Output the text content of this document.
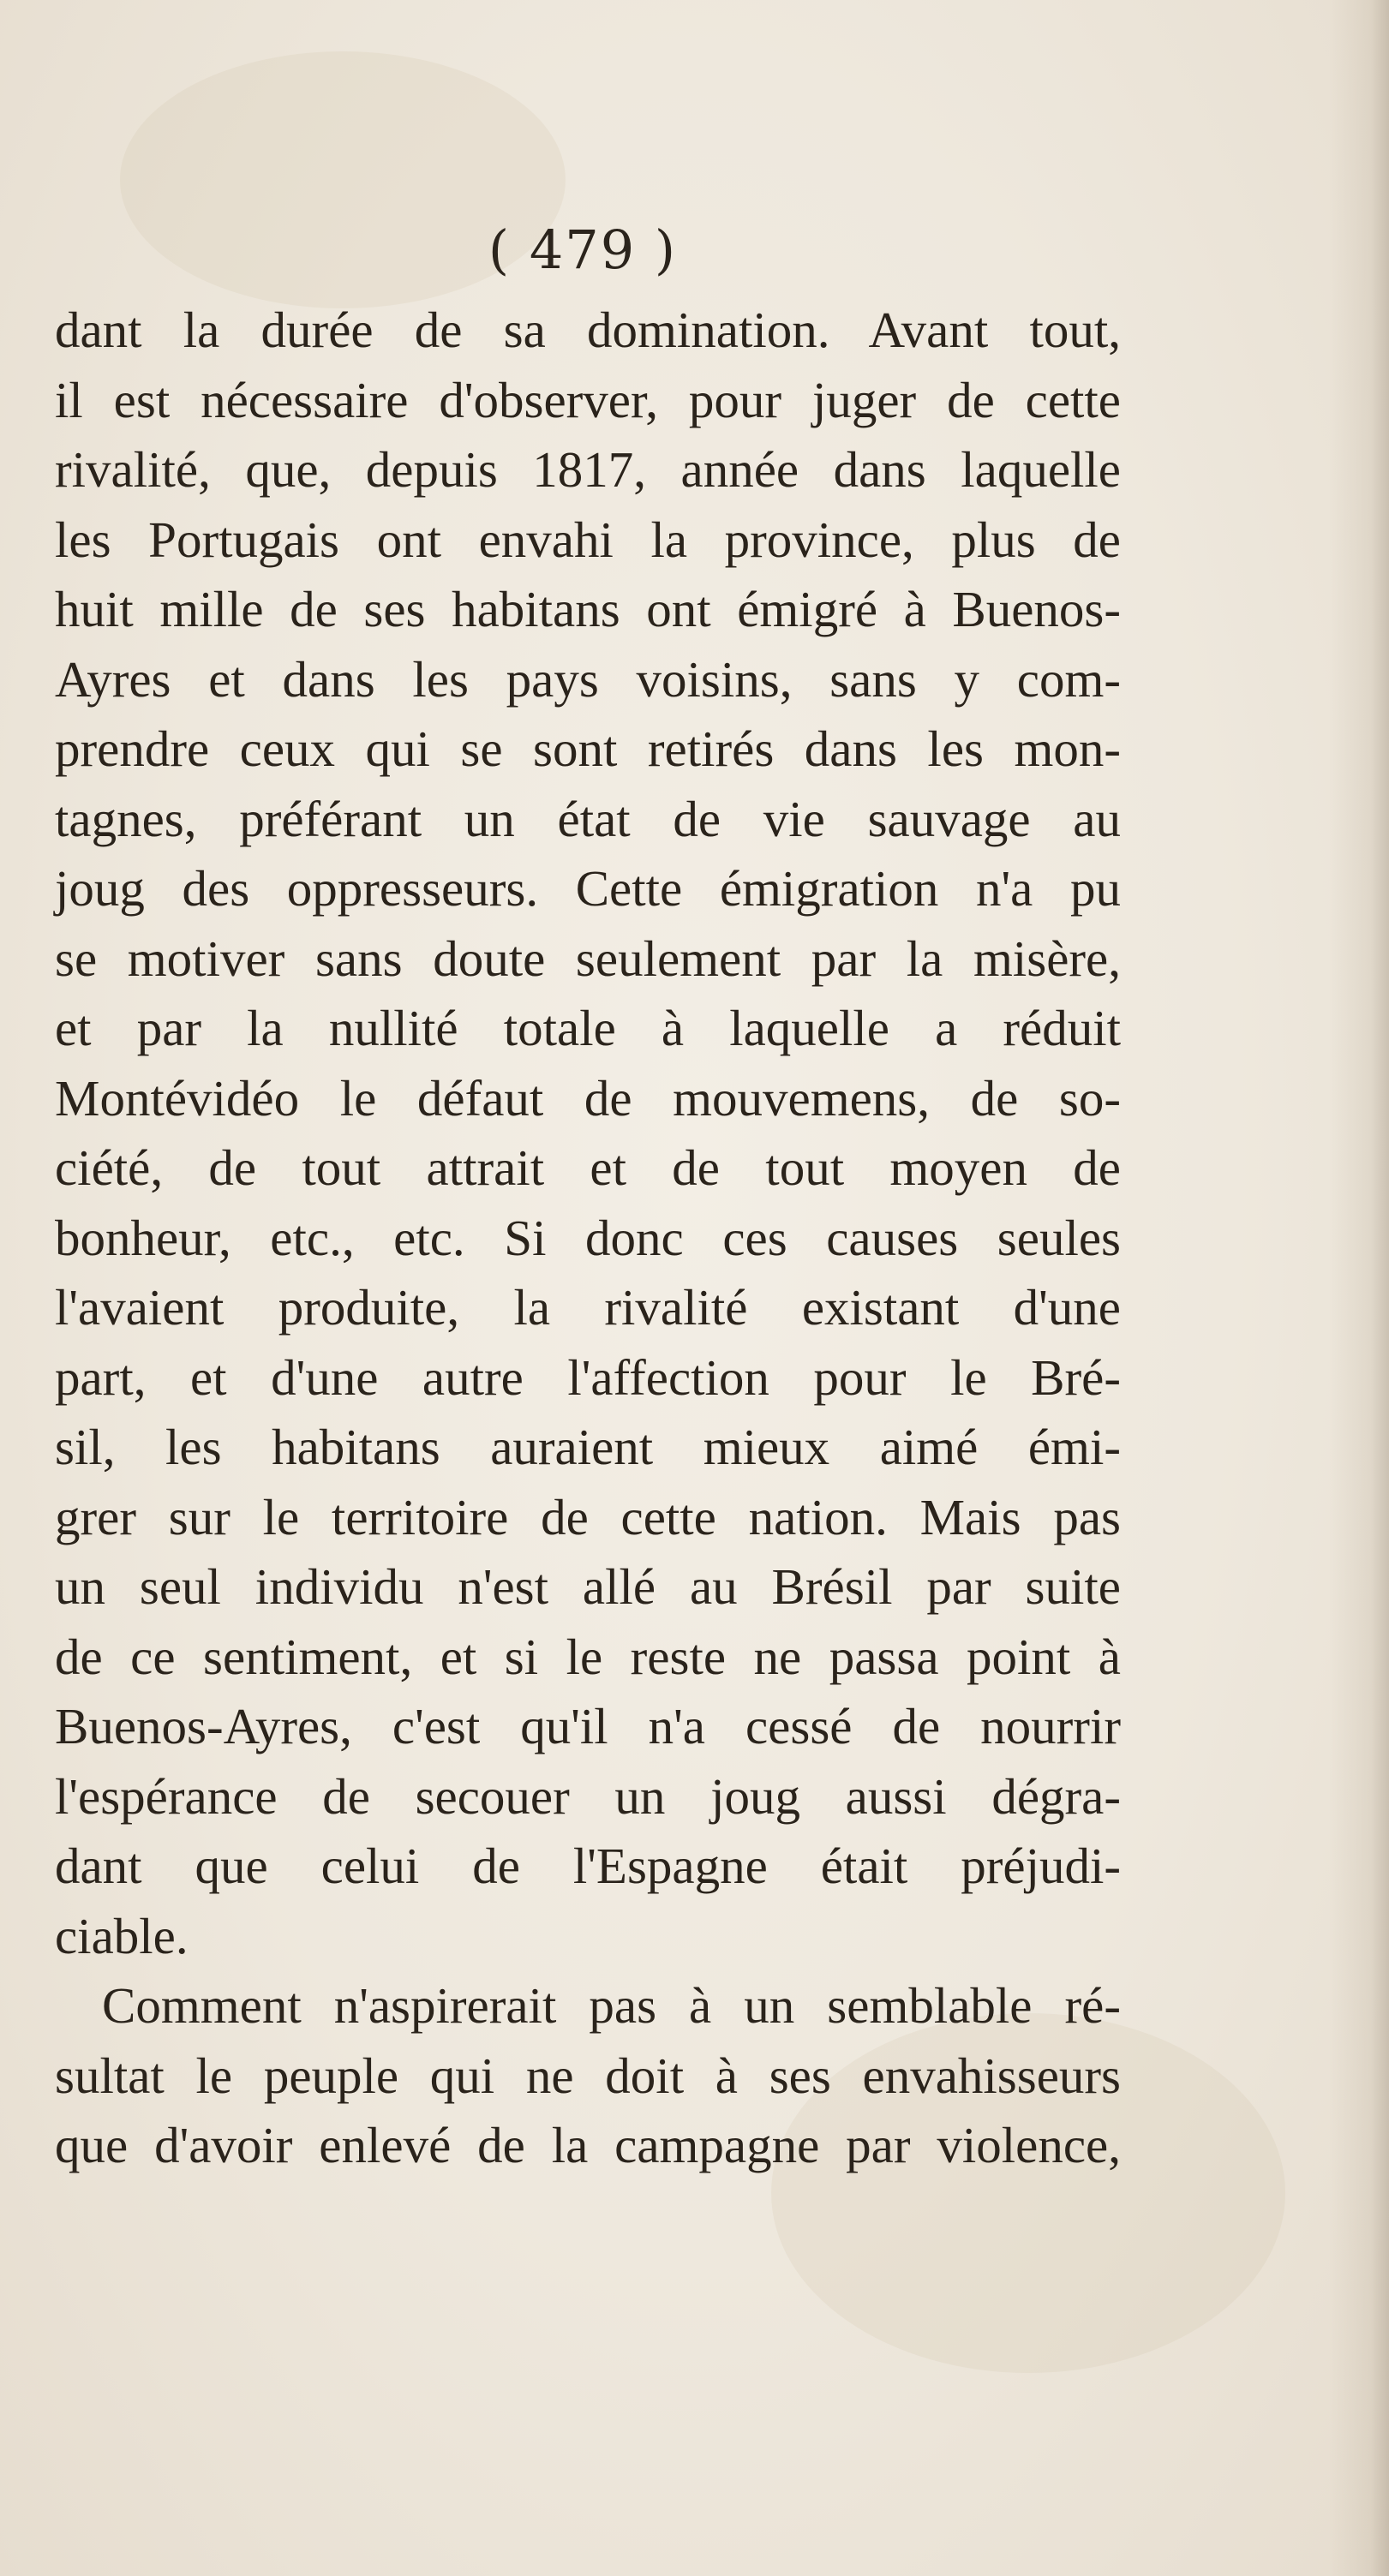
( 479 )
dant la durée de sa domination. Avant tout,
il est nécessaire d'observer, pour juger de cette
rivalité, que, depuis 1817, année dans laquelle
les Portugais ont envahi la province, plus de
huit mille de ses habitans ont émigré à Buenos-
Ayres et dans les pays voisins, sans y com-
prendre ceux qui se sont retirés dans les mon-
tagnes, préférant un état de vie sauvage au
joug des oppresseurs. Cette émigration n'a pu
se motiver sans doute seulement par la misère,
et par la nullité totale à laquelle a réduit
Montévidéo le défaut de mouvemens, de so-
ciété, de tout attrait et de tout moyen de
bonheur, etc., etc. Si donc ces causes seules
l'avaient produite, la rivalité existant d'une
part, et d'une autre l'affection pour le Bré-
sil, les habitans auraient mieux aimé émi-
grer sur le territoire de cette nation. Mais pas
un seul individu n'est allé au Brésil par suite
de ce sentiment, et si le reste ne passa point à
Buenos-Ayres, c'est qu'il n'a cessé de nourrir
l'espérance de secouer un joug aussi dégra-
dant que celui de l'Espagne était préjudi-
ciable.
Comment n'aspirerait pas à un semblable ré-
sultat le peuple qui ne doit à ses envahisseurs
que d'avoir enlevé de la campagne par violence,
